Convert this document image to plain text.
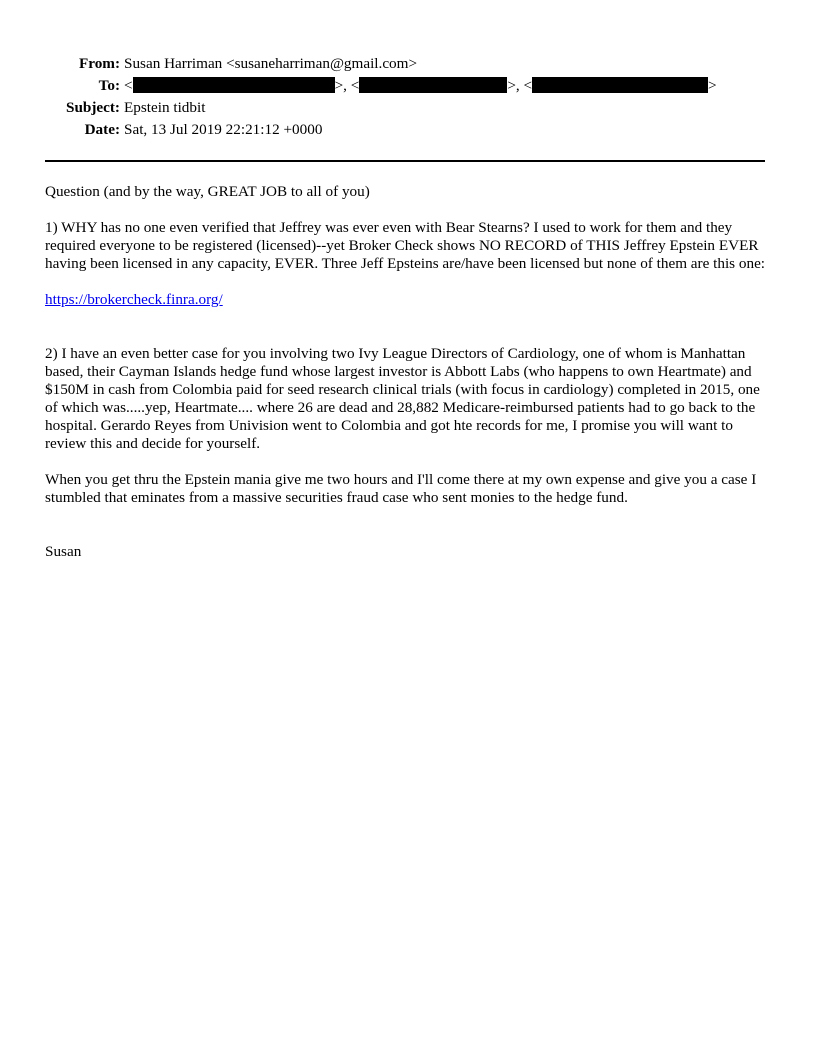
From: Susan Harriman <susaneharriman@gmail.com>
To: <	>, <	>, <	>
Subject: Epstein tidbit
Date: Sat, 13 Jul 2019 22:21:12 +0000

Question (and by the way, GREAT JOB to all of you)

1) WHY has no one even verified that Jeffrey was ever even with Bear Stearns? I used to work for them and they required everyone to be registered (licensed)--yet Broker Check shows NO RECORD of THIS Jeffrey Epstein EVER having been licensed in any capacity, EVER. Three Jeff Epsteins are/have been licensed but none of them are this one:

https://brokercheck.finra.org/

2) I have an even better case for you involving two Ivy League Directors of Cardiology, one of whom is Manhattan based, their Cayman Islands hedge fund whose largest investor is Abbott Labs (who happens to own Heartmate) and $150M in cash from Colombia paid for seed research clinical trials (with focus in cardiology) completed in 2015, one of which was.....yep, Heartmate.... where 26 are dead and 28,882 Medicare-reimbursed patients had to go back to the hospital. Gerardo Reyes from Univision went to Colombia and got hte records for me, I promise you will want to review this and decide for yourself.

When you get thru the Epstein mania give me two hours and I'll come there at my own expense and give you a case I stumbled that eminates from a massive securities fraud case who sent monies to the hedge fund.

Susan
